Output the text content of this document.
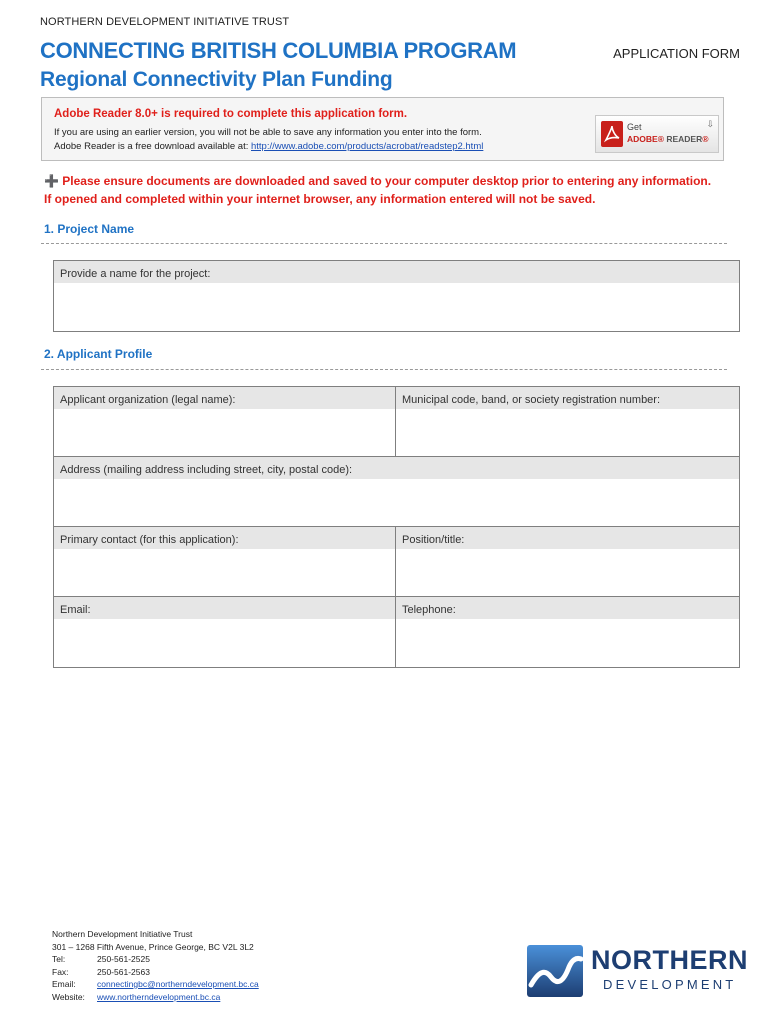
NORTHERN DEVELOPMENT INITIATIVE TRUST
CONNECTING BRITISH COLUMBIA PROGRAM
Regional Connectivity Plan Funding
APPLICATION FORM
Adobe Reader 8.0+ is required to complete this application form.
If you are using an earlier version, you will not be able to save any information you enter into the form.
Adobe Reader is a free download available at: http://www.adobe.com/products/acrobat/readstep2.html
Get
ADOBE® READER®
⇩
➕ Please ensure documents are downloaded and saved to your computer desktop prior to entering any information.
If opened and completed within your internet browser, any information entered will not be saved.
1. Project Name
Provide a name for the project:
2. Applicant Profile
Applicant organization (legal name):	Municipal code, band, or society registration number:
Address (mailing address including street, city, postal code):
Primary contact (for this application):	Position/title:
Email:	Telephone:
Northern Development Initiative Trust
301 – 1268 Fifth Avenue, Prince George, BC V2L 3L2
Tel:	250-561-2525
Fax:	250-561-2563
Email:	connectingbc@northerndevelopment.bc.ca
Website: www.northerndevelopment.bc.ca
NORTHERN
DEVELOPMENT
